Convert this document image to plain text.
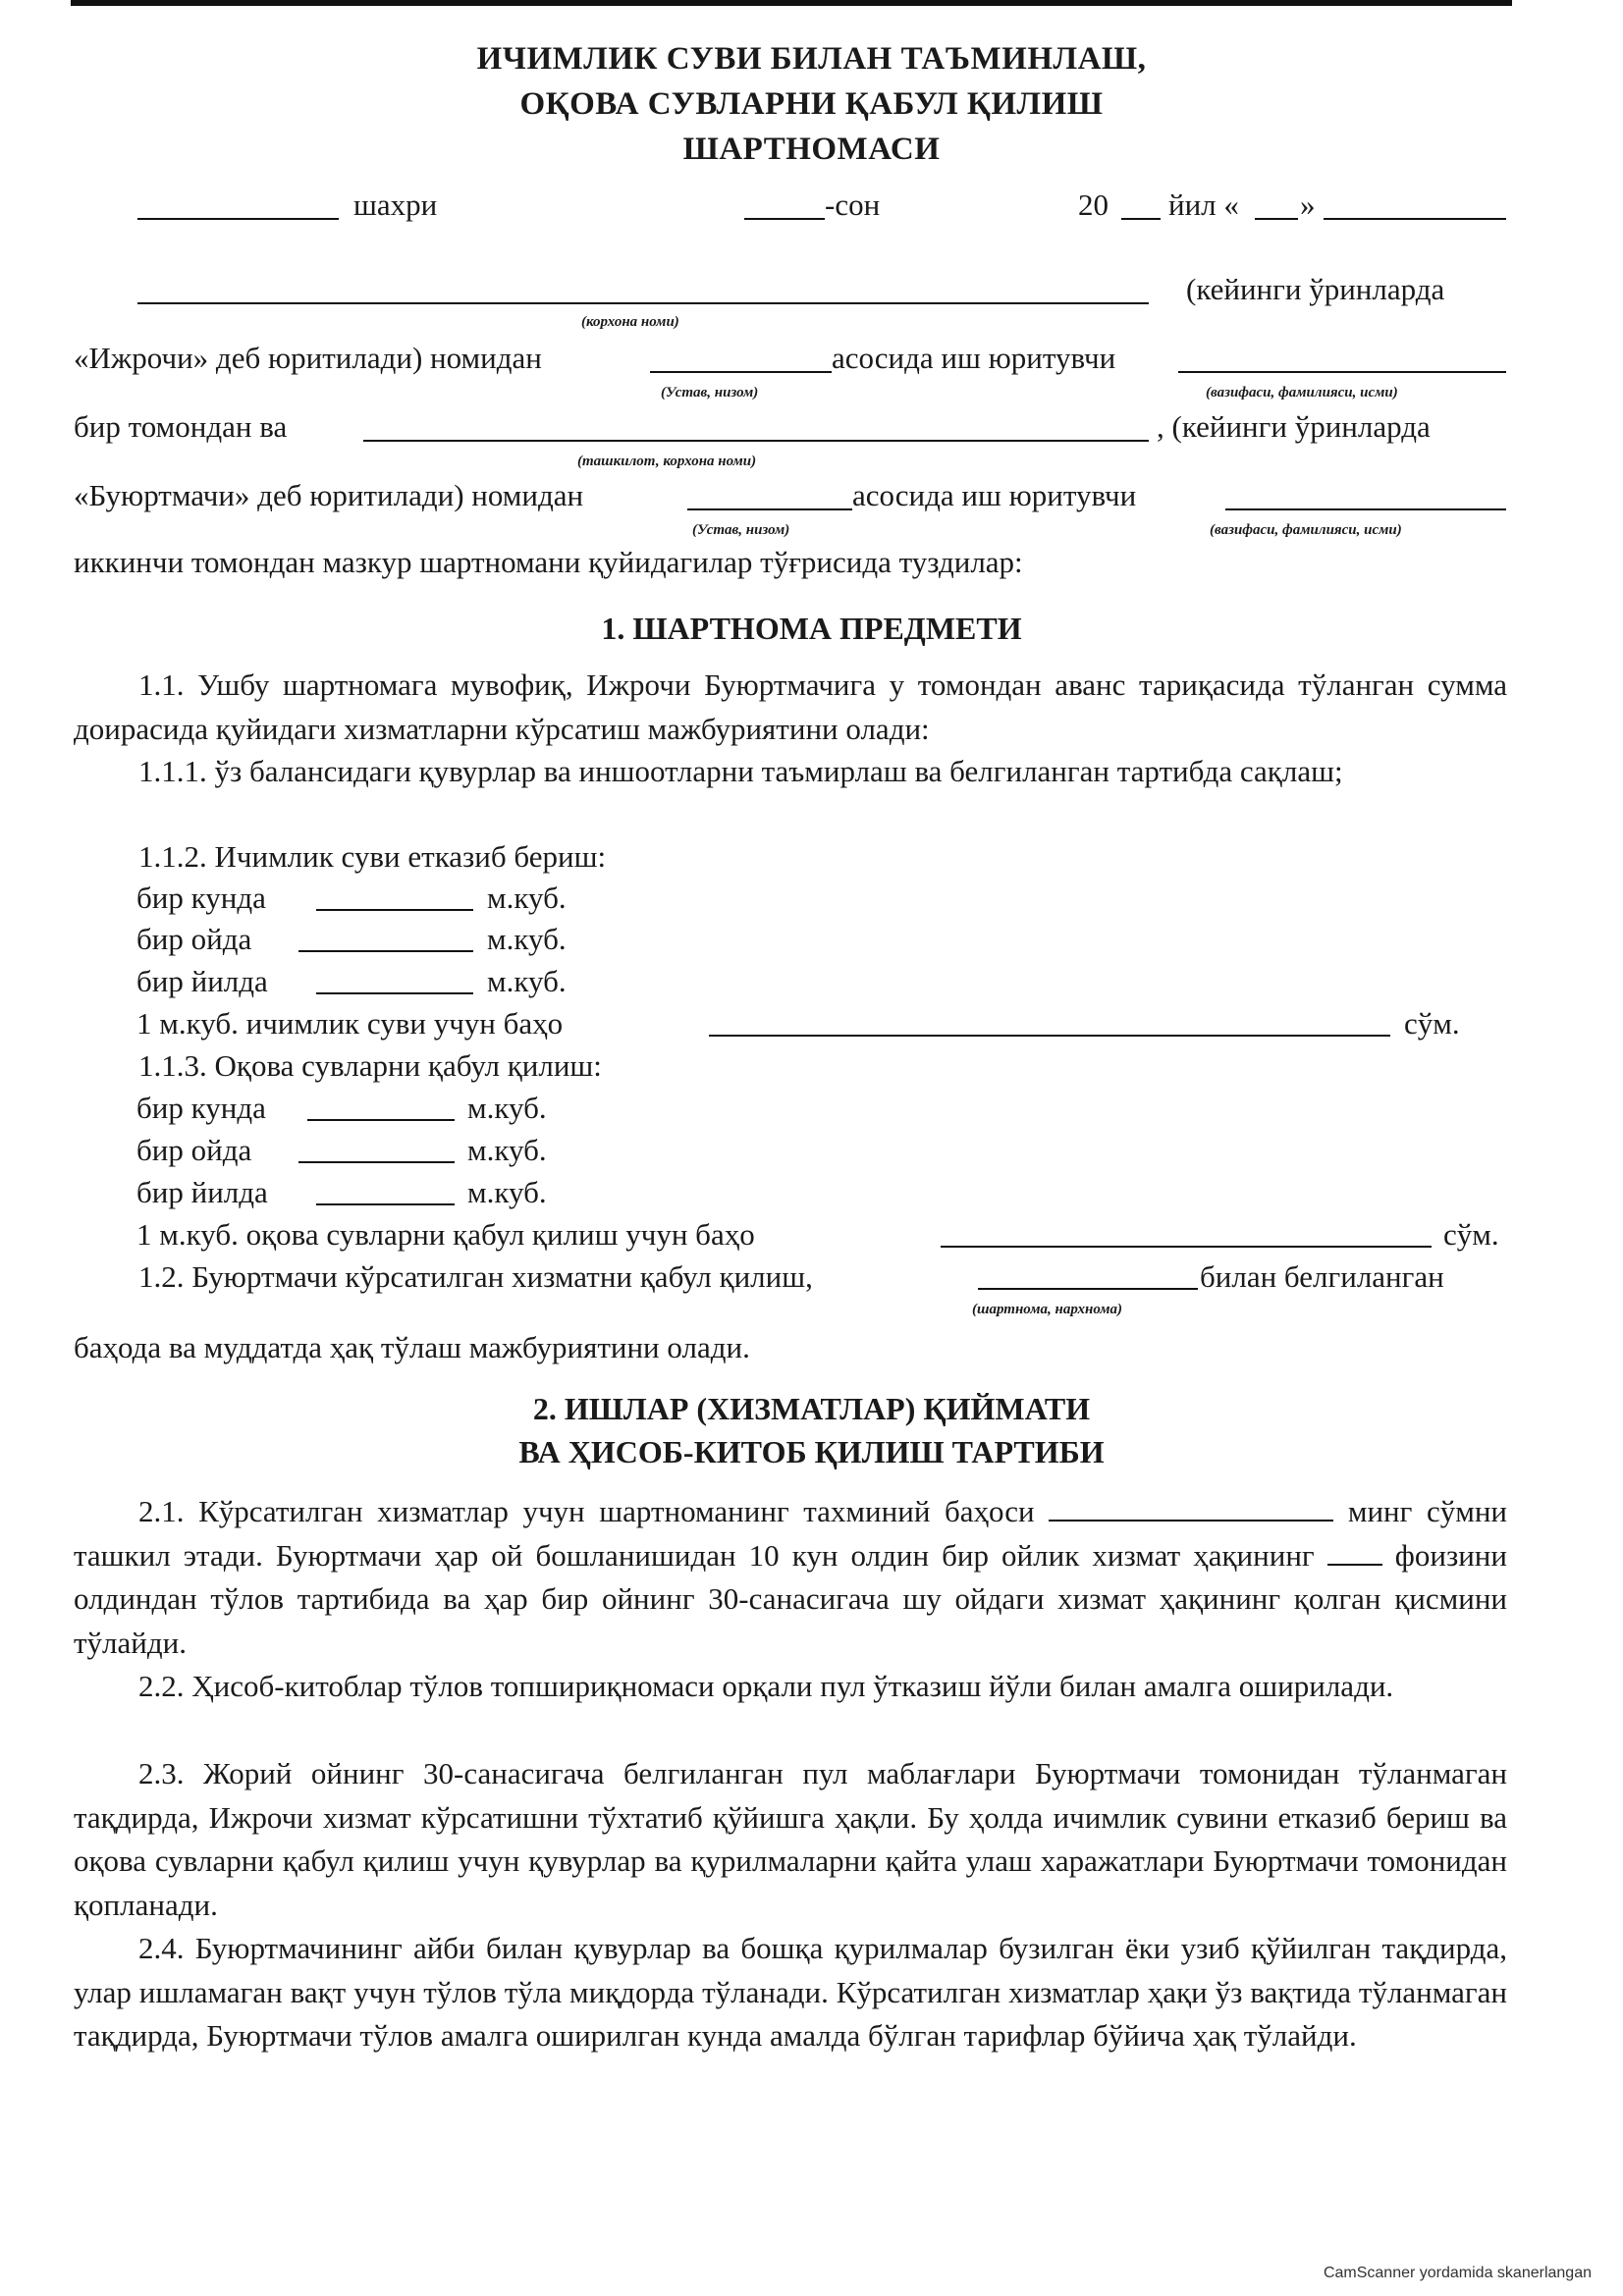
ИЧИМЛИК СУВИ БИЛАН ТАЪМИНЛАШ,
ОҚОВА СУВЛАРНИ ҚАБУЛ ҚИЛИШ
ШАРТНОМАСИ
шахри	-сон	20 йил « »
(кейинги ўринларда
(корхона номи)
«Ижрочи» деб юритилади) номидан	асосида иш юритувчи
(Устав, низом)	(вазифаси, фамилияси, исми)
бир томондан ва	, (кейинги ўринларда
(ташкилот, корхона номи)
«Буюртмачи» деб юритилади) номидан	асосида иш юритувчи
(Устав, низом)	(вазифаси, фамилияси, исми)
иккинчи томондан мазкур шартномани қуйидагилар тўғрисида туздилар:
1. ШАРТНОМА ПРЕДМЕТИ
1.1. Ушбу шартномага мувофиқ, Ижрочи Буюртмачига у томондан аванс тариқасида тўланган сумма доирасида қуйидаги хизматларни кўрсатиш мажбуриятини олади:
1.1.1. ўз балансидаги қувурлар ва иншоотларни таъмирлаш ва белгиланган тартибда сақлаш;
1.1.2. Ичимлик суви етказиб бериш:
бир кунда	м.куб.
бир ойда	м.куб.
бир йилда	м.куб.
1 м.куб. ичимлик суви учун баҳо	сўм.
1.1.3. Оқова сувларни қабул қилиш:
бир кунда	м.куб.
бир ойда	м.куб.
бир йилда	м.куб.
1 м.куб. оқова сувларни қабул қилиш учун баҳо	сўм.
1.2. Буюртмачи кўрсатилган хизматни қабул қилиш,	билан белгиланган
(шартнома, нархнома)
баҳода ва муддатда ҳақ тўлаш мажбуриятини олади.
2. ИШЛАР (ХИЗМАТЛАР) ҚИЙМАТИ
ВА ҲИСОБ-КИТОБ ҚИЛИШ ТАРТИБИ
2.1. Кўрсатилган хизматлар учун шартноманинг тахминий баҳоси	минг сўмни ташкил этади. Буюртмачи ҳар ой бошланишидан 10 кун олдин бир ойлик хизмат ҳақининг	фоизини олдиндан тўлов тартибида ва ҳар бир ойнинг 30-санасигача шу ойдаги хизмат ҳақининг қолган қисмини тўлайди.
2.2. Ҳисоб-китоблар тўлов топшириқномаси орқали пул ўтказиш йўли билан амалга оширилади.
2.3. Жорий ойнинг 30-санасигача белгиланган пул маблағлари Буюртмачи томонидан тўланмаган тақдирда, Ижрочи хизмат кўрсатишни тўхтатиб қўйишга ҳақли. Бу ҳолда ичимлик сувини етказиб бериш ва оқова сувларни қабул қилиш учун қувурлар ва қурилмаларни қайта улаш харажатлари Буюртмачи томонидан қопланади.
2.4. Буюртмачининг айби билан қувурлар ва бошқа қурилмалар бузилган ёки узиб қўйилган тақдирда, улар ишламаган вақт учун тўлов тўла миқдорда тўланади. Кўрсатилган хизматлар ҳақи ўз вақтида тўланмаган тақдирда, Буюртмачи тўлов амалга оширилган кунда амалда бўлган тарифлар бўйича ҳақ тўлайди.
CamScanner yordamida skanerlangan
